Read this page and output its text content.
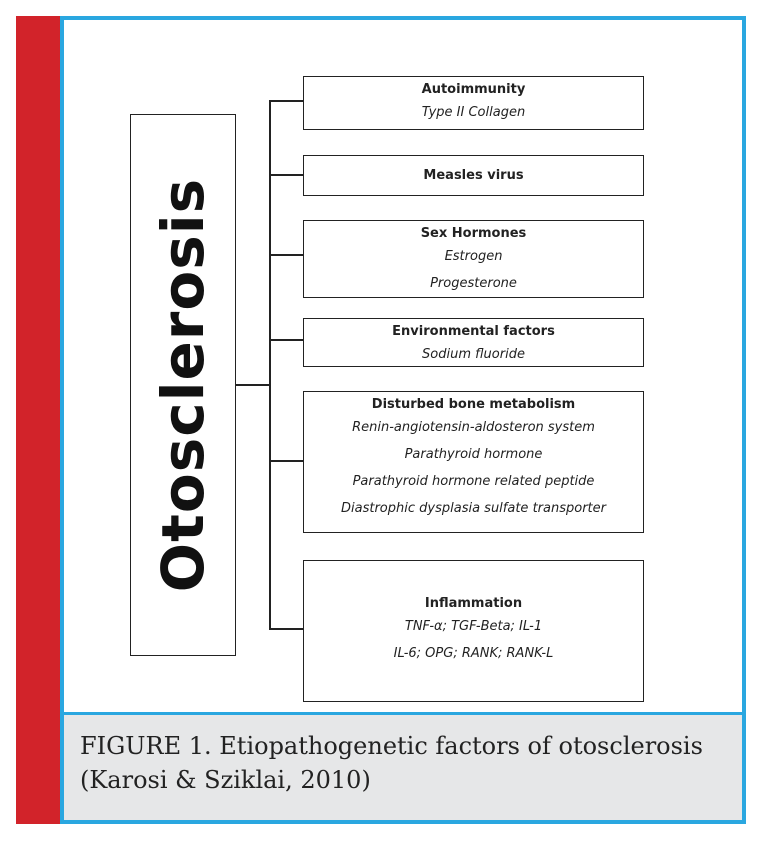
Otosclerosis
Autoimmunity
Type II Collagen
Measles virus
Sex Hormones
Estrogen
Progesterone
Environmental factors
Sodium fluoride
Disturbed bone metabolism
Renin-angiotensin-aldosteron system
Parathyroid hormone
Parathyroid hormone related peptide
Diastrophic dysplasia sulfate transporter
Inflammation
TNF-α; TGF-Beta; IL-1
IL-6; OPG; RANK; RANK-L
FIGURE 1. Etiopathogenetic factors of otosclerosis
(Karosi & Sziklai, 2010)
